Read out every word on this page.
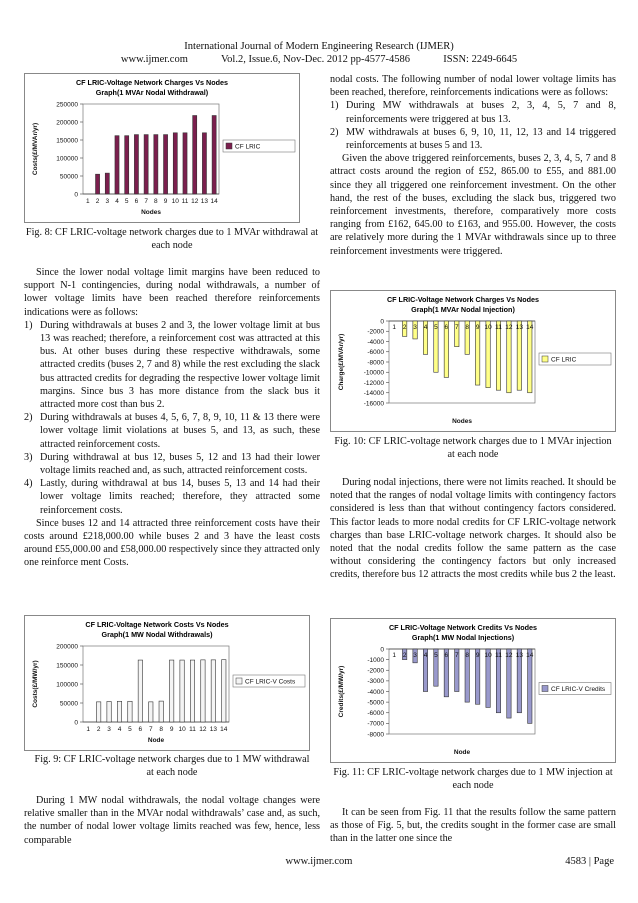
International Journal of Modern Engineering Research (IJMER)
www.ijmer.com	Vol.2, Issue.6, Nov-Dec. 2012 pp-4577-4586	ISSN: 2249-6645
CF LRIC-Voltage Network Charges Vs Nodes
Graph(1 MVAr Nodal Withdrawal)
0
50000
100000
150000
200000
250000
1 2 3 4 5 6 7 8 9 10 11 12 13 14
Nodes
Costs(£/MVAr/yr)	CF LRIC
Fig. 8: CF LRIC-voltage network charges due to 1 MVAr withdrawal at each node

Since the lower nodal voltage limit margins have been reduced to support N-1 contingencies, during nodal withdrawals, a number of lower voltage limits have been reached therefore reinforcements indications were as follows:

1) During withdrawals at buses 2 and 3, the lower voltage limit at bus 13 was reached; therefore, a reinforcement cost was attracted at this bus. At other buses during these respective withdrawals, some attracted credits (buses 2, 7 and 8) while the rest excluding the slack bus attracted credits for degrading the respective lower voltage limit margins. Since bus 3 has more distance from the slack bus it attracted more cost than bus 2.
2) During withdrawals at buses 4, 5, 6, 7, 8, 9, 10, 11 & 13 there were lower voltage limit violations at buses 5, and 13, as such, these attracted reinforcement costs.
3) During withdrawal at bus 12, buses 5, 12 and 13 had their lower voltage limits reached and, as such, attracted reinforcement costs.
4) Lastly, during withdrawal at bus 14, buses 5, 13 and 14 had their lower voltage limits reached; therefore, they attracted some reinforcement costs.

Since buses 12 and 14 attracted three reinforcement costs have their costs around £218,000.00 while buses 2 and 3 have the least costs around £55,000.00 and £58,000.00 respectively since they attracted only one reinforce ment Costs.

CF LRIC-Voltage Network Costs Vs Nodes
Graph(1 MW Nodal Withdrawals)
0
50000
100000
150000
200000
1 2 3 4 5 6 7 8 9 10 11 12 13 14
Node
Costs(£/MW/yr)	CF LRIC-V Costs
Fig. 9: CF LRIC-voltage network charges due to 1 MW withdrawal at each node

During 1 MW nodal withdrawals, the nodal voltage changes were relative smaller than in the MVAr nodal withdrawals’ case and, as such, the number of nodal lower voltage limits reached was few, hence, less comparable

nodal costs. The following number of nodal lower voltage limits has been reached, therefore, reinforcements indications were as follows:

1) During MW withdrawals at buses 2, 3, 4, 5, 7 and 8, reinforcements were triggered at bus 13.
2) MW withdrawals at buses 6, 9, 10, 11, 12, 13 and 14 triggered reinforcements at buses 5 and 13.

Given the above triggered reinforcements, buses 2, 3, 4, 5, 7 and 8 attract costs around the region of £52, 865.00 to £55, and 881.00 since they all triggered one reinforcement investment. On the other hand, the rest of the buses, excluding the slack bus, triggered two reinforcement investments, therefore, comparatively more costs ranging from £162, 645.00 to £163, and 955.00. However, the costs are relatively more during the 1 MVAr withdrawals since up to three reinforcement investments were triggered.

CF LRIC-Voltage Network Charges Vs Nodes
Graph(1 MVAr Nodal Injection)
0
-2000
-4000
-6000
-8000
-10000
-12000
-14000
-16000
1 2 3 4 5 6 7 8 9 10 11 12 13 14
Nodes
Charge(£/MVAr/yr)	CF LRIC
Fig. 10: CF LRIC-voltage network charges due to 1 MVAr injection at each node

During nodal injections, there were not limits reached. It should be noted that the ranges of nodal voltage limits with contingency factors considered is less than that without contingency factors considered. This factor leads to more nodal credits for CF LRIC-voltage network charges than base LRIC-voltage network charges. It should also be noted that the nodal credits follow the same pattern as the case without considering the contingency factors but only increased credits, therefore bus 12 attracts the most credits while bus 2 the least.

CF LRIC-Voltage Network Credits Vs Nodes
Graph(1 MW Nodal Injections)
0
-1000
-2000
-3000
-4000
-5000
-6000
-7000
-8000
1 2 3 4 5 6 7 8 9 10 11 12 13 14
Node
Credits(£/MW/yr)	CF LRIC-V Credits
Fig. 11: CF LRIC-voltage network charges due to 1 MW injection at each node

It can be seen from Fig. 11 that the results follow the same pattern as those of Fig. 5, but, the credits sought in the former case are small than in the latter one since the

www.ijmer.com	4583 | Page
